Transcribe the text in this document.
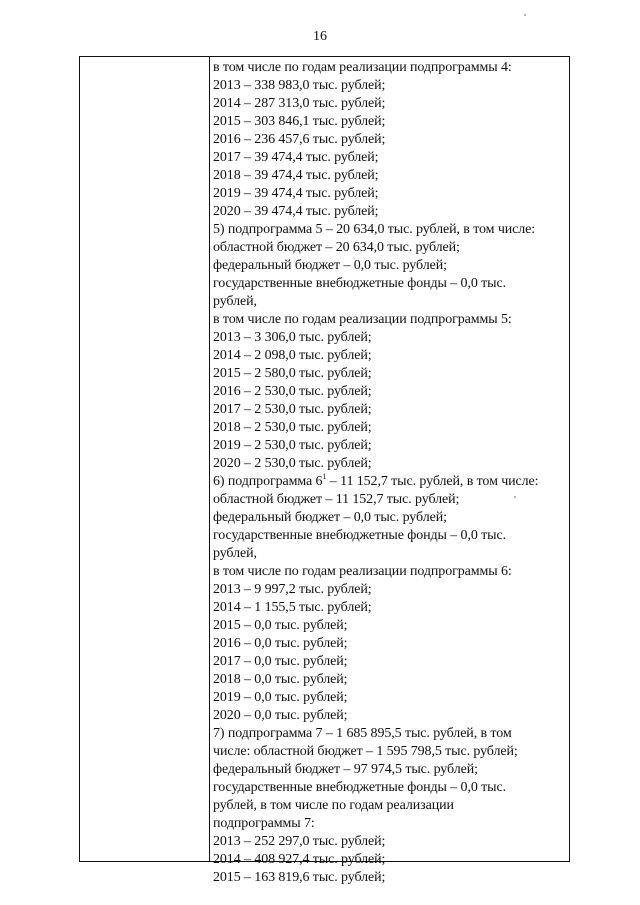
16
в том числе по годам реализации подпрограммы 4:
2013 – 338 983,0 тыс. рублей;
2014 – 287 313,0 тыс. рублей;
2015 – 303 846,1 тыс. рублей;
2016 – 236 457,6 тыс. рублей;
2017 – 39 474,4 тыс. рублей;
2018 – 39 474,4 тыс. рублей;
2019 – 39 474,4 тыс. рублей;
2020 – 39 474,4 тыс. рублей;
5) подпрограмма 5 – 20 634,0 тыс. рублей, в том числе:
областной бюджет – 20 634,0 тыс. рублей;
федеральный бюджет – 0,0 тыс. рублей;
государственные внебюджетные фонды – 0,0 тыс.
рублей,
в том числе по годам реализации подпрограммы 5:
2013 – 3 306,0 тыс. рублей;
2014 – 2 098,0 тыс. рублей;
2015 – 2 580,0 тыс. рублей;
2016 – 2 530,0 тыс. рублей;
2017 – 2 530,0 тыс. рублей;
2018 – 2 530,0 тыс. рублей;
2019 – 2 530,0 тыс. рублей;
2020 – 2 530,0 тыс. рублей;
6) подпрограмма $6^1 - 11$ 152,7 тыс. рублей, в том числе:
областной бюджет – 11 152,7 тыс. рублей;
федеральный бюджет – 0,0 тыс. рублей;
государственные внебюджетные фонды – 0,0 тыс.
рублей,
в том числе по годам реализации подпрограммы 6:
2013 – 9 997,2 тыс. рублей;
2014 – 1 155,5 тыс. рублей;
2015 – 0,0 тыс. рублей;
2016 – 0,0 тыс. рублей;
2017 – 0,0 тыс. рублей;
2018 – 0,0 тыс. рублей;
2019 – 0,0 тыс. рублей;
2020 – 0,0 тыс. рублей;
7) подпрограмма 7 – 1 685 895,5 тыс. рублей, в том
числе: областной бюджет – 1 595 798,5 тыс. рублей;
федеральный бюджет – 97 974,5 тыс. рублей;
государственные внебюджетные фонды – 0,0 тыс.
рублей, в том числе по годам реализации
подпрограммы 7:
2013 – 252 297,0 тыс. рублей;
2014 – 408 927,4 тыс. рублей;
2015 – 163 819,6 тыс. рублей;
